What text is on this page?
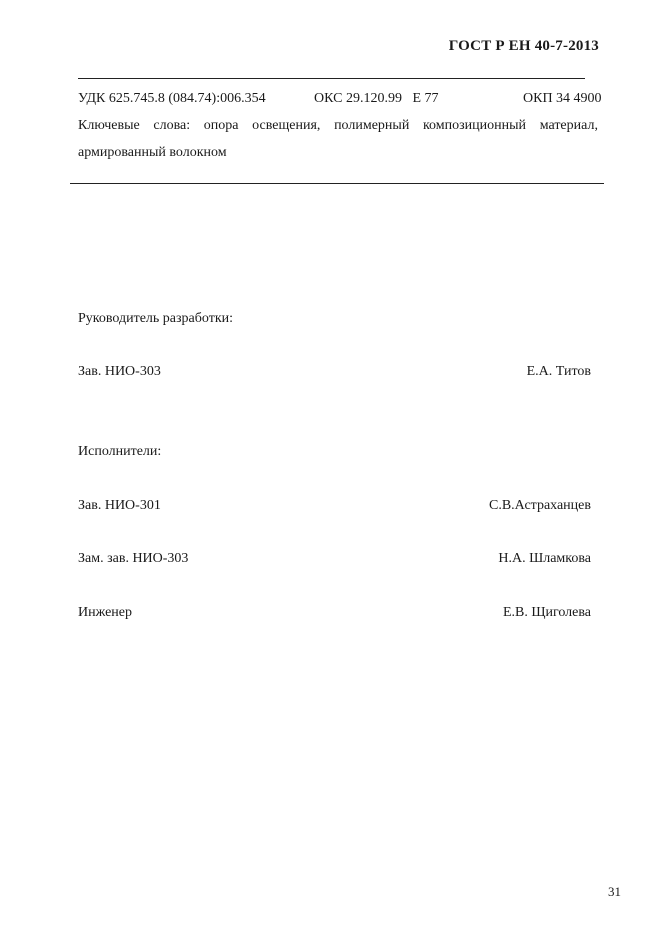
ГОСТ Р ЕН 40-7-2013
УДК 625.745.8 (084.74):006.354	ОКС 29.120.99   Е 77	ОКП 34 4900
Ключевые слова: опора освещения, полимерный композиционный материал,
армированный волокном
Руководитель разработки:
Зав. НИО-303	Е.А. Титов
Исполнители:
Зав. НИО-301	С.В.Астраханцев
Зам. зав. НИО-303	Н.А. Шламкова
Инженер	Е.В. Щиголева
31
